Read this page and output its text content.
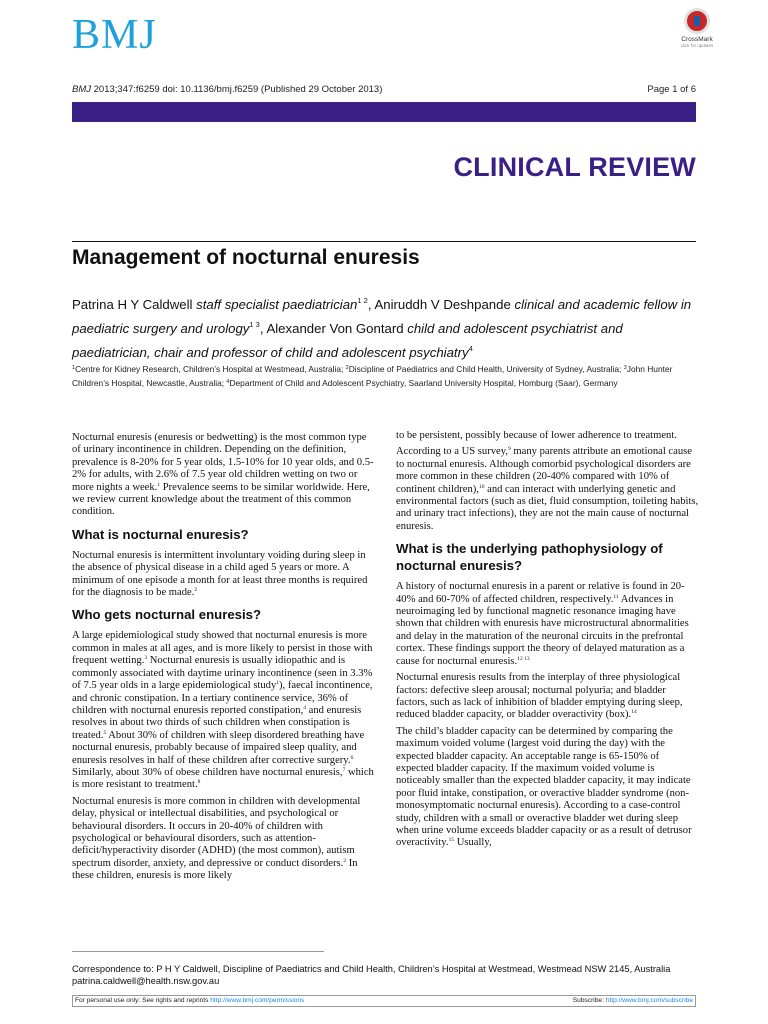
BMJ	CrossMark
click for updates
BMJ 2013;347:f6259 doi: 10.1136/bmj.f6259 (Published 29 October 2013)	Page 1 of 6
CLINICAL REVIEW
Management of nocturnal enuresis
Patrina H Y Caldwell staff specialist paediatrician$^{1 2}$, Aniruddh V Deshpande clinical and academic fellow in paediatric surgery and urology$^{1 3}$, Alexander Von Gontard child and adolescent psychiatrist and paediatrician, chair and professor of child and adolescent psychiatry$^4$
$^1$Centre for Kidney Research, Children’s Hospital at Westmead, Australia; $^2$Discipline of Paediatrics and Child Health, University of Sydney, Australia; $^3$John Hunter Children’s Hospital, Newcastle, Australia; $^4$Department of Child and Adolescent Psychiatry, Saarland University Hospital, Homburg (Saar), Germany

Nocturnal enuresis (enuresis or bedwetting) is the most common type of urinary incontinence in children. Depending on the definition, prevalence is 8-20% for 5 year olds, 1.5-10% for 10 year olds, and 0.5-2% for adults, with 2.6% of 7.5 year old children wetting on two or more nights a week.$^1$ Prevalence seems to be similar worldwide. Here, we review current knowledge about the treatment of this common condition.

What is nocturnal enuresis?

Nocturnal enuresis is intermittent involuntary voiding during sleep in the absence of physical disease in a child aged 5 years or more. A minimum of one episode a month for at least three months is required for the diagnosis to be made.$^2$

Who gets nocturnal enuresis?

A large epidemiological study showed that nocturnal enuresis is more common in males at all ages, and is more likely to persist in those with frequent wetting.$^3$ Nocturnal enuresis is usually idiopathic and is commonly associated with daytime urinary incontinence (seen in 3.3% of 7.5 year olds in a large epidemiological study$^1$), faecal incontinence, and chronic constipation. In a tertiary continence service, 36% of children with nocturnal enuresis reported constipation,$^4$ and enuresis resolves in about two thirds of such children when constipation is treated.$^5$ About 30% of children with sleep disordered breathing have nocturnal enuresis, probably because of impaired sleep quality, and enuresis resolves in half of these children after corrective surgery.$^6$ Similarly, about 30% of obese children have nocturnal enuresis,$^7$ which is more resistant to treatment.$^8$

Nocturnal enuresis is more common in children with developmental delay, physical or intellectual disabilities, and psychological or behavioural disorders. It occurs in 20-40% of children with psychological or behavioural disorders, such as attention-deficit/hyperactivity disorder (ADHD) (the most common), autism spectrum disorder, anxiety, and depressive or conduct disorders.$^2$ In these children, enuresis is more likely

to be persistent, possibly because of lower adherence to treatment.

According to a US survey,$^9$ many parents attribute an emotional cause to nocturnal enuresis. Although comorbid psychological disorders are more common in these children (20-40% compared with 10% of continent children),$^{10}$ and can interact with underlying genetic and environmental factors (such as diet, fluid consumption, toileting habits, and urinary tract infections), they are not the main cause of nocturnal enuresis.

What is the underlying pathophysiology of nocturnal enuresis?

A history of nocturnal enuresis in a parent or relative is found in 20-40% and 60-70% of affected children, respectively.$^{11}$ Advances in neuroimaging led by functional magnetic resonance imaging have shown that children with enuresis have microstructural abnormalities and delay in the maturation of the neuronal circuits in the prefrontal cortex. These findings support the theory of delayed maturation as a cause for nocturnal enuresis.$^{12 13}$

Nocturnal enuresis results from the interplay of three physiological factors: defective sleep arousal; nocturnal polyuria; and bladder factors, such as lack of inhibition of bladder emptying during sleep, reduced bladder capacity, or bladder overactivity (box).$^{14}$

The child’s bladder capacity can be determined by comparing the maximum voided volume (largest void during the day) with the expected bladder capacity. An acceptable range is 65-150% of expected bladder capacity. If the maximum voided volume is noticeably smaller than the expected bladder capacity, it may indicate poor fluid intake, constipation, or overactive bladder syndrome (non-monosymptomatic nocturnal enuresis). According to a case-control study, children with a small or overactive bladder wet during sleep when urine volume exceeds bladder capacity or as a result of detrusor overactivity.$^{15}$ Usually,

Correspondence to: P H Y Caldwell, Discipline of Paediatrics and Child Health, Children’s Hospital at Westmead, Westmead NSW 2145, Australia
patrina.caldwell@health.nsw.gov.au
For personal use only: See rights and reprints http://www.bmj.com/permissions	Subscribe: http://www.bmj.com/subscribe
